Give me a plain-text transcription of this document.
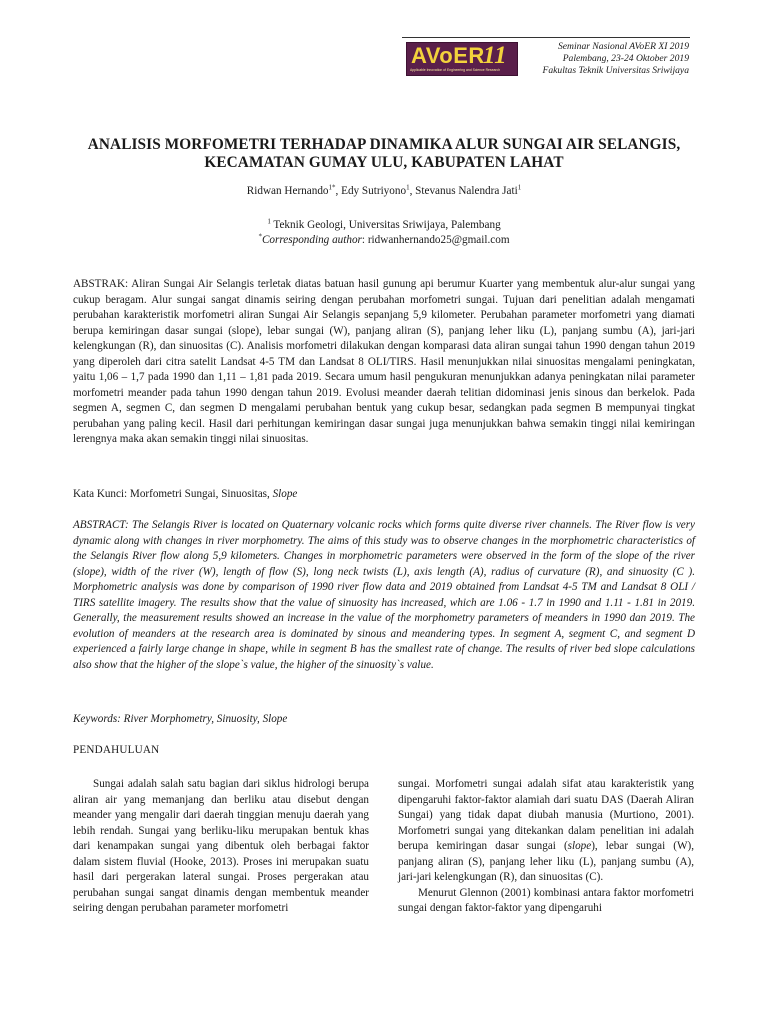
AVoER
11
Applicable Innovation of Engineering and Science Research
Seminar Nasional AVoER XI 2019
Palembang, 23-24 Oktober 2019
Fakultas Teknik Universitas Sriwijaya
ANALISIS MORFOMETRI TERHADAP DINAMIKA ALUR SUNGAI AIR SELANGIS,
KECAMATAN GUMAY ULU, KABUPATEN LAHAT
Ridwan Hernando$^{1*}$, Edy Sutriyono$^1$, Stevanus Nalendra Jati$^1$
$^1$ Teknik Geologi, Universitas Sriwijaya, Palembang
*Corresponding author: ridwanhernando25@gmail.com
ABSTRAK: Aliran Sungai Air Selangis terletak diatas batuan hasil gunung api berumur Kuarter yang membentuk alur-alur sungai yang cukup beragam. Alur sungai sangat dinamis seiring dengan perubahan morfometri sungai. Tujuan dari penelitian adalah mengamati perubahan karakteristik morfometri aliran Sungai Air Selangis sepanjang 5,9 kilometer. Perubahan parameter morfometri yang diamati berupa kemiringan dasar sungai (slope), lebar sungai (W), panjang aliran (S), panjang leher liku (L), panjang sumbu (A), jari-jari kelengkungan (R), dan sinuositas (C). Analisis morfometri dilakukan dengan komparasi data aliran sungai tahun 1990 dengan tahun 2019 yang diperoleh dari citra satelit Landsat 4-5 TM dan Landsat 8 OLI/TIRS. Hasil menunjukkan nilai sinuositas mengalami peningkatan, yaitu 1,06 – 1,7 pada 1990 dan 1,11 – 1,81 pada 2019. Secara umum hasil pengukuran menunjukkan adanya peningkatan nilai parameter morfometri meander pada tahun 1990 dengan tahun 2019. Evolusi meander daerah telitian didominasi jenis sinous dan berkelok. Pada segmen A, segmen C, dan segmen D mengalami perubahan bentuk yang cukup besar, sedangkan pada segmen B mempunyai tingkat perubahan yang paling kecil. Hasil dari perhitungan kemiringan dasar sungai juga menunjukkan bahwa semakin tinggi nilai kemiringan lerengnya maka akan semakin tinggi nilai sinuositas.
Kata Kunci: Morfometri Sungai, Sinuositas, Slope
ABSTRACT: The Selangis River is located on Quaternary volcanic rocks which forms quite diverse river channels. The River flow is very dynamic along with changes in river morphometry. The aims of this study was to observe changes in the morphometric characteristics of the Selangis River flow along 5,9 kilometers. Changes in morphometric parameters were observed in the form of the slope of the river (slope), width of the river (W), length of flow (S), long neck twists (L), axis length (A), radius of curvature (R), and sinuosity (C ). Morphometric analysis was done by comparison of 1990 river flow data and 2019 obtained from Landsat 4-5 TM and Landsat 8 OLI / TIRS satellite imagery. The results show that the value of sinuosity has increased, which are 1.06 - 1.7 in 1990 and 1.11 - 1.81 in 2019. Generally, the measurement results showed an increase in the value of the morphometry parameters of meanders in 1990 dan 2019. The evolution of meanders at the research area is dominated by sinous and meandering types. In segment A, segment C, and segment D experienced a fairly large change in shape, while in segment B has the smallest rate of change. The results of river bed slope calculations also show that the higher of the slope`s value, the higher of the sinuosity`s value.
Keywords: River Morphometry, Sinuosity, Slope
PENDAHULUAN

Sungai adalah salah satu bagian dari siklus hidrologi berupa aliran air yang memanjang dan berliku atau disebut dengan meander yang mengalir dari daerah tinggian menuju daerah yang lebih rendah. Sungai yang berliku-liku merupakan bentuk khas dari kenampakan sungai yang dibentuk oleh berbagai faktor dalam sistem fluvial (Hooke, 2013). Proses ini merupakan suatu hasil dari pergerakan lateral sungai. Proses pergerakan atau perubahan sungai sangat dinamis dengan membentuk meander seiring dengan perubahan parameter morfometri

sungai. Morfometri sungai adalah sifat atau karakteristik yang dipengaruhi faktor-faktor alamiah dari suatu DAS (Daerah Aliran Sungai) yang tidak dapat diubah manusia (Murtiono, 2001). Morfometri sungai yang ditekankan dalam penelitian ini adalah berupa kemiringan dasar sungai (slope), lebar sungai (W), panjang aliran (S), panjang leher liku (L), panjang sumbu (A), jari-jari kelengkungan (R), dan sinuositas (C).

Menurut Glennon (2001) kombinasi antara faktor morfometri sungai dengan faktor-faktor yang dipengaruhi
